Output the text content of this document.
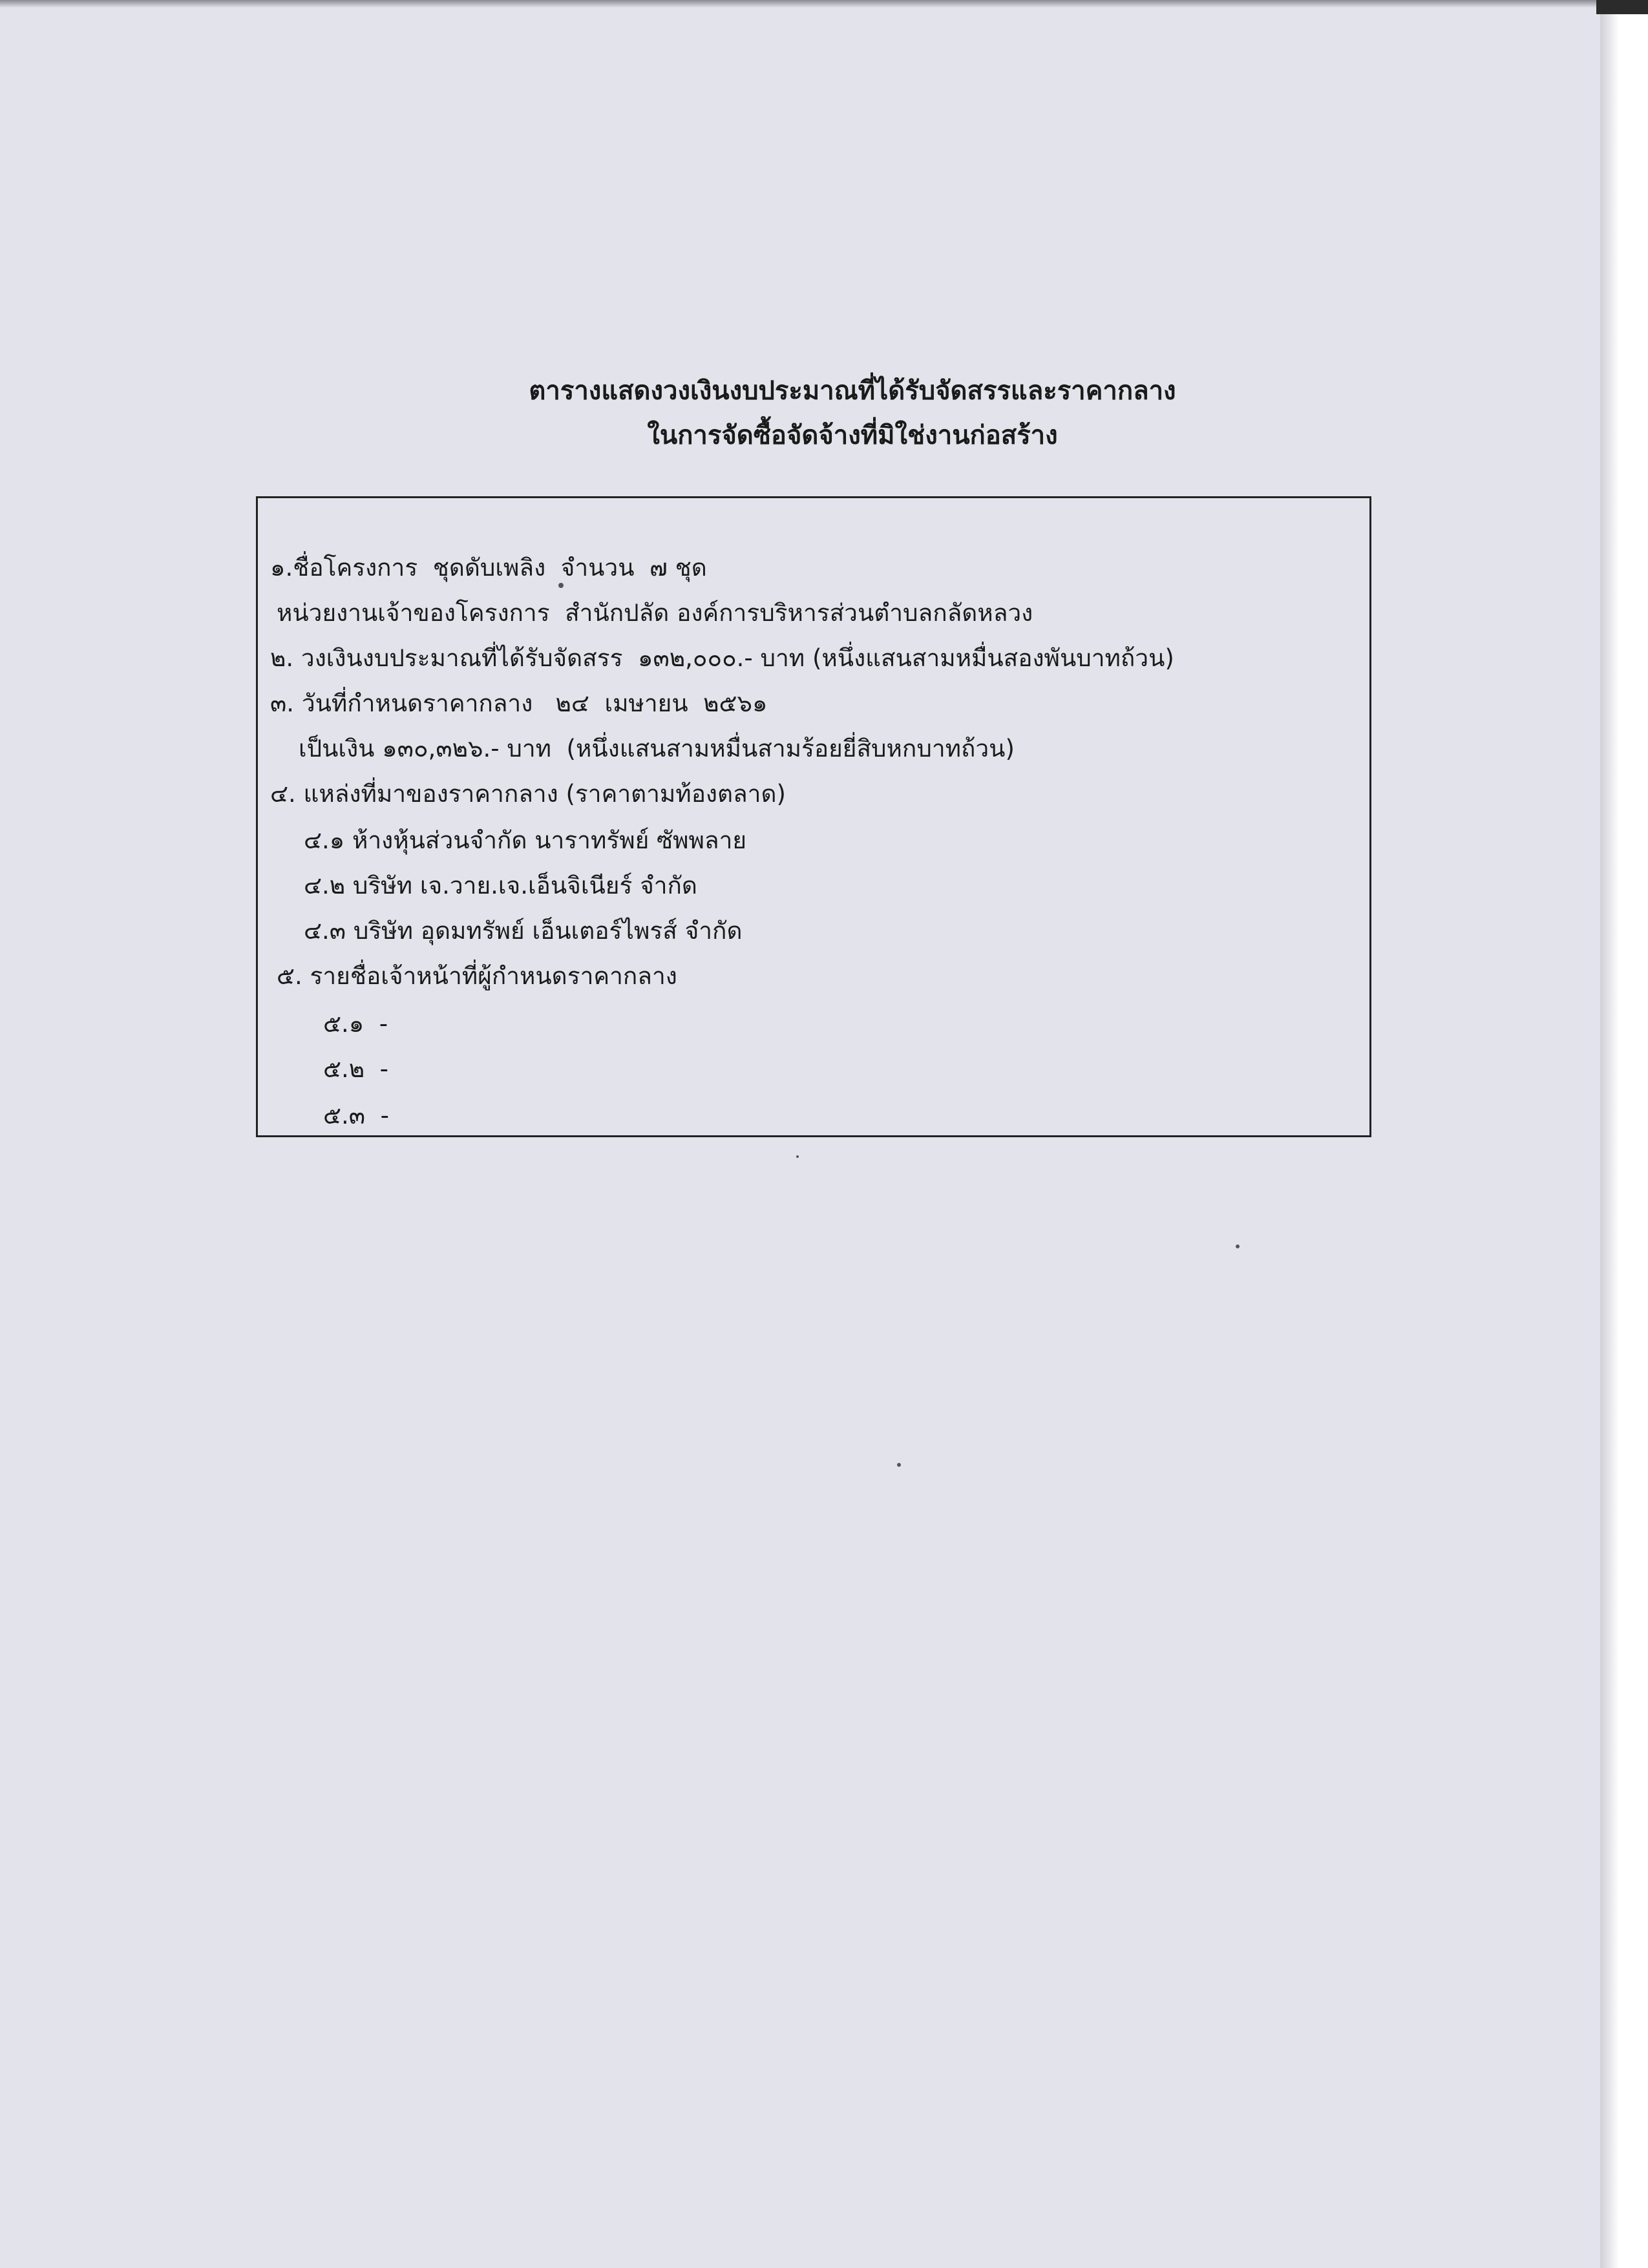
ตารางแสดงวงเงินงบประมาณที่ได้รับจัดสรรและราคากลาง
ในการจัดซื้อจัดจ้างที่มิใช่งานก่อสร้าง
๑.ชื่อโครงการ  ชุดดับเพลิง  จำนวน  ๗ ชุด
หน่วยงานเจ้าของโครงการ  สำนักปลัด องค์การบริหารส่วนตำบลกลัดหลวง
๒. วงเงินงบประมาณที่ได้รับจัดสรร  ๑๓๒,๐๐๐.- บาท (หนึ่งแสนสามหมื่นสองพันบาทถ้วน)
๓. วันที่กำหนดราคากลาง   ๒๔  เมษายน  ๒๕๖๑
เป็นเงิน ๑๓๐,๓๒๖.- บาท  (หนึ่งแสนสามหมื่นสามร้อยยี่สิบหกบาทถ้วน)
๔. แหล่งที่มาของราคากลาง (ราคาตามท้องตลาด)
๔.๑ ห้างหุ้นส่วนจำกัด นาราทรัพย์ ซัพพลาย
๔.๒ บริษัท เจ.วาย.เจ.เอ็นจิเนียร์ จำกัด
๔.๓ บริษัท อุดมทรัพย์ เอ็นเตอร์ไพรส์ จำกัด
๕. รายชื่อเจ้าหน้าที่ผู้กำหนดราคากลาง
๕.๑  -
๕.๒  -
๕.๓  -
